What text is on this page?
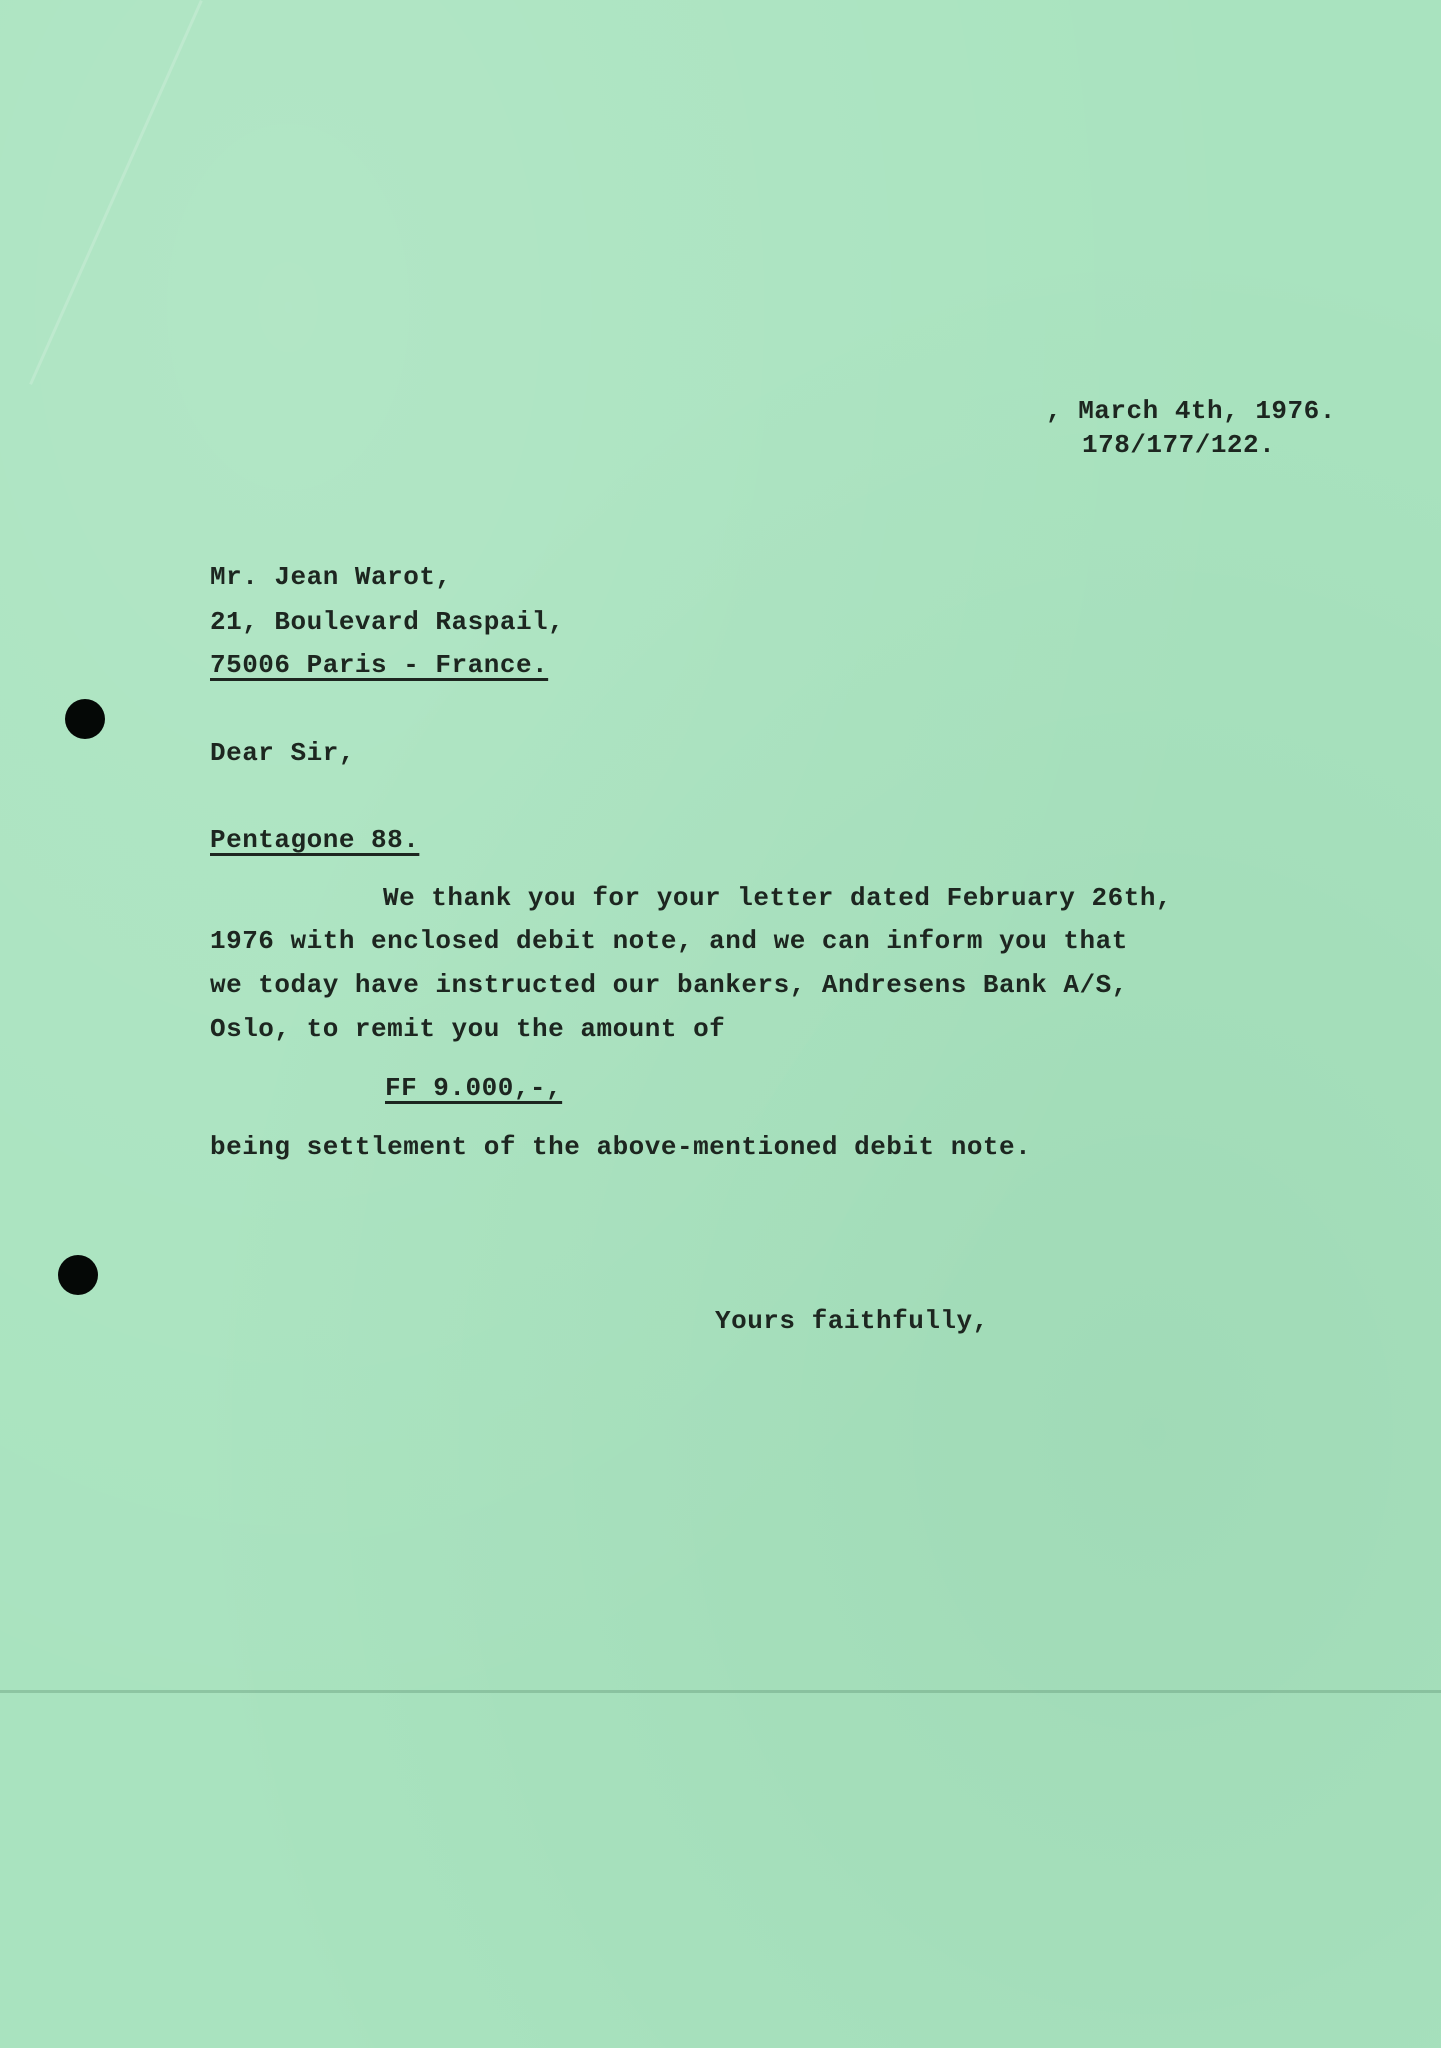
, March 4th, 1976.
178/177/122.
Mr. Jean Warot,
21, Boulevard Raspail,
75006 Paris - France.
Dear Sir,
Pentagone 88.
We thank you for your letter dated February 26th,
1976 with enclosed debit note, and we can inform you that
we today have instructed our bankers, Andresens Bank A/S,
Oslo, to remit you the amount of
FF 9.000,-,
being settlement of the above-mentioned debit note.
Yours faithfully,
